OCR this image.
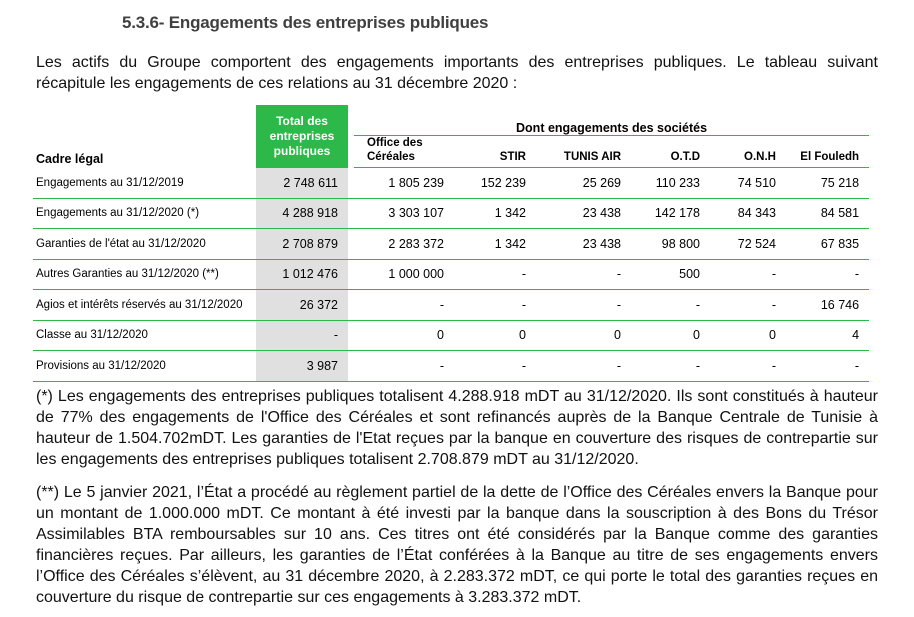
5.3.6- Engagements des entreprises publiques
Les actifs du Groupe comportent des engagements importants des entreprises publiques. Le tableau suivant récapitule les engagements de ces relations au 31 décembre 2020 :
Cadre légal	Total des entreprises publiques		Dont engagements des sociétés					

			Office des Céréales	STIR	TUNIS AIR	O.T.D	O.N.H	El Fouledh
Engagements au 31/12/2019	2 748 611		1 805 239	152 239	25 269	110 233	74 510	75 218
Engagements au 31/12/2020 (*)	4 288 918		3 303 107	1 342	23 438	142 178	84 343	84 581
Garanties de l'état au 31/12/2020	2 708 879		2 283 372	1 342	23 438	98 800	72 524	67 835
Autres Garanties au 31/12/2020 (**)	1 012 476		1 000 000	-	-	500	-	-
Agios et intérêts réservés au 31/12/2020	26 372		-	-	-	-	-	16 746
Classe au 31/12/2020	-		0	0	0	0	0	4
Provisions au 31/12/2020	3 987		-	-	-	-	-	-
(*) Les engagements des entreprises publiques totalisent 4.288.918 mDT au 31/12/2020. Ils sont constitués à hauteur de 77% des engagements de l'Office des Céréales et sont refinancés auprès de la Banque Centrale de Tunisie à hauteur de 1.504.702mDT. Les garanties de l'Etat reçues par la banque en couverture des risques de contrepartie sur les engagements des entreprises publiques totalisent 2.708.879 mDT au 31/12/2020.
(**) Le 5 janvier 2021, l’État a procédé au règlement partiel de la dette de l’Office des Céréales envers la Banque pour un montant de 1.000.000 mDT. Ce montant à été investi par la banque dans la souscription à des Bons du Trésor Assimilables BTA remboursables sur 10 ans. Ces titres ont été considérés par la Banque comme des garanties financières reçues. Par ailleurs, les garanties de l’État conférées à la Banque au titre de ses engagements envers l’Office des Céréales s’élèvent, au 31 décembre 2020, à 2.283.372 mDT, ce qui porte le total des garanties reçues en couverture du risque de contrepartie sur ces engagements à 3.283.372 mDT.
